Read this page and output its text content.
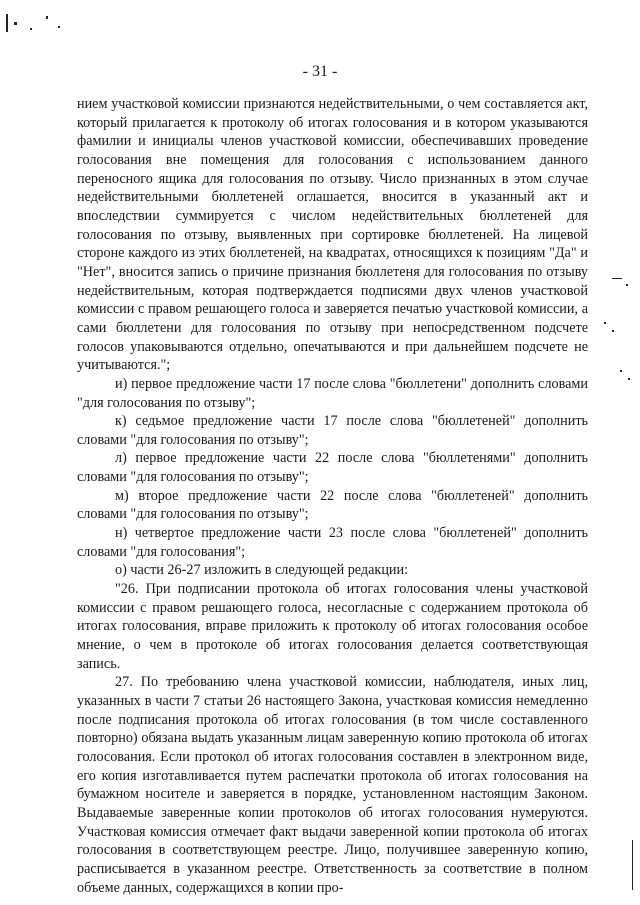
- 31 -

нием участковой комиссии признаются недействительными, о чем составляется акт, который прилагается к протоколу об итогах голосования и в котором указываются фамилии и инициалы членов участковой комиссии, обеспечивавших проведение голосования вне помещения для голосования с использованием данного переносного ящика для голосования по отзыву. Число признанных в этом случае недействительными бюллетеней оглашается, вносится в указанный акт и впоследствии суммируется с числом недействительных бюллетеней для голосования по отзыву, выявленных при сортировке бюллетеней. На лицевой стороне каждого из этих бюллетеней, на квадратах, относящихся к позициям "Да" и "Нет", вносится запись о причине признания бюллетеня для голосования по отзыву недействительным, которая подтверждается подписями двух членов участковой комиссии с правом решающего голоса и заверяется печатью участковой комиссии, а сами бюллетени для голосования по отзыву при непосредственном подсчете голосов упаковываются отдельно, опечатываются и при дальнейшем подсчете не учитываются.";

и) первое предложение части 17 после слова "бюллетени" дополнить словами "для голосования по отзыву";

к) седьмое предложение части 17 после слова "бюллетеней" дополнить словами "для голосования по отзыву";

л) первое предложение части 22 после слова "бюллетенями" дополнить словами "для голосования по отзыву";

м) второе предложение части 22 после слова "бюллетеней" дополнить словами "для голосования по отзыву";

н) четвертое предложение части 23 после слова "бюллетеней" дополнить словами "для голосования";

о) части 26-27 изложить в следующей редакции:

"26. При подписании протокола об итогах голосования члены участковой комиссии с правом решающего голоса, несогласные с содержанием протокола об итогах голосования, вправе приложить к протоколу об итогах голосования особое мнение, о чем в протоколе об итогах голосования делается соответствующая запись.

27. По требованию члена участковой комиссии, наблюдателя, иных лиц, указанных в части 7 статьи 26 настоящего Закона, участковая комиссия немедленно после подписания протокола об итогах голосования (в том числе составленного повторно) обязана выдать указанным лицам заверенную копию протокола об итогах голосования. Если протокол об итогах голосования составлен в электронном виде, его копия изготавливается путем распечатки протокола об итогах голосования на бумажном носителе и заверяется в порядке, установленном настоящим Законом. Выдаваемые заверенные копии протоколов об итогах голосования нумеруются. Участковая комиссия отмечает факт выдачи заверенной копии протокола об итогах голосования в соответствующем реестре. Лицо, получившее заверенную копию, расписывается в указанном реестре. Ответственность за соответствие в полном объеме данных, содержащихся в копии про-
